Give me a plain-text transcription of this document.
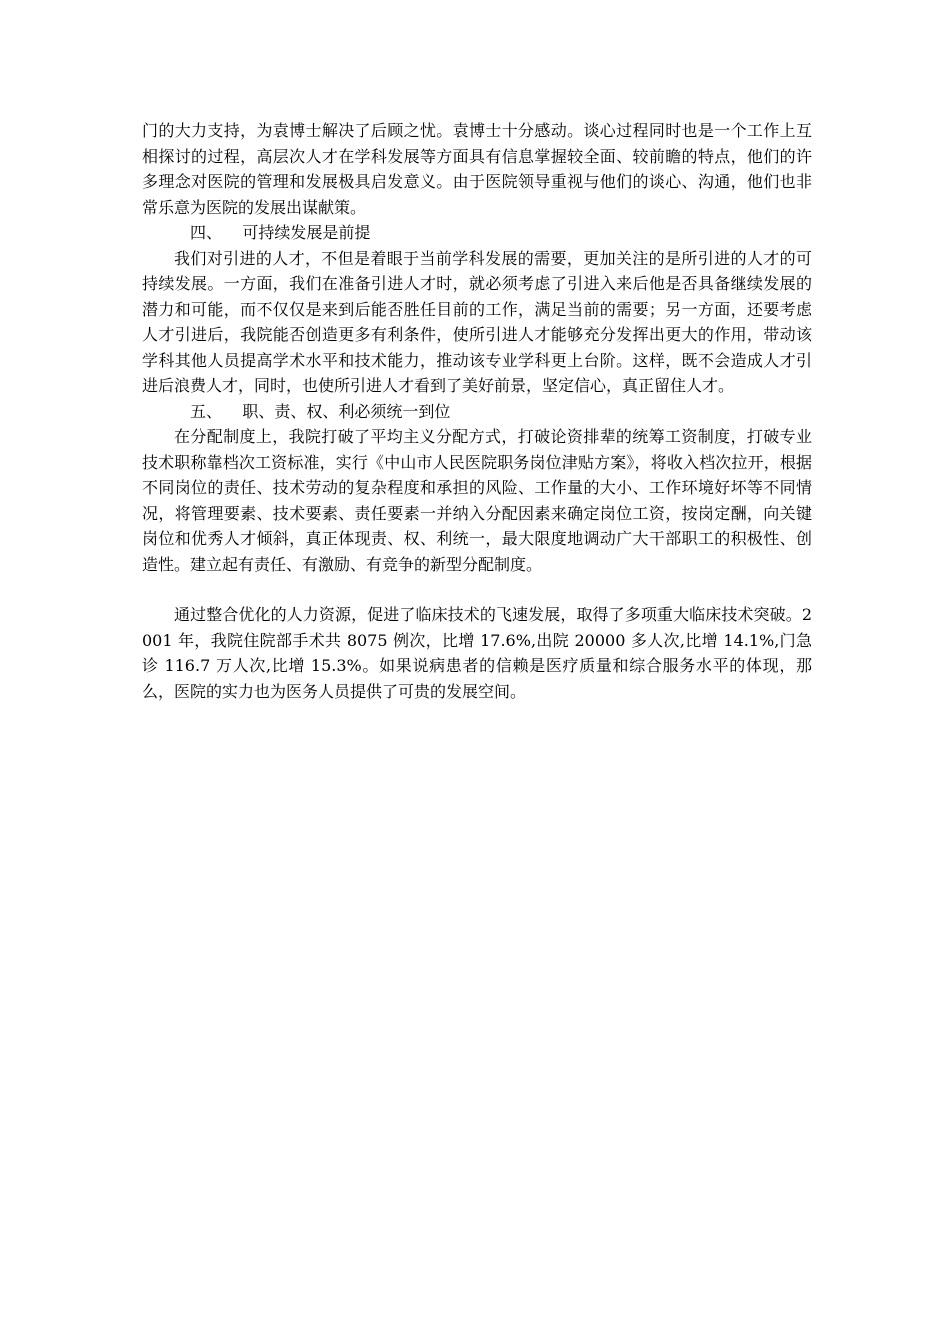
门的大力支持，为袁博士解决了后顾之忧。袁博士十分感动。谈心过程同时也是一个工作上互相探讨的过程，高层次人才在学科发展等方面具有信息掌握较全面、较前瞻的特点，他们的许多理念对医院的管理和发展极具启发意义。由于医院领导重视与他们的谈心、沟通，他们也非常乐意为医院的发展出谋献策。

四、    可持续发展是前提

我们对引进的人才，不但是着眼于当前学科发展的需要，更加关注的是所引进的人才的可持续发展。一方面，我们在准备引进人才时，就必须考虑了引进入来后他是否具备继续发展的潜力和可能，而不仅仅是来到后能否胜任目前的工作，满足当前的需要；另一方面，还要考虑人才引进后，我院能否创造更多有利条件，使所引进人才能够充分发挥出更大的作用，带动该学科其他人员提高学术水平和技术能力，推动该专业学科更上台阶。这样，既不会造成人才引进后浪费人才，同时，也使所引进人才看到了美好前景，坚定信心，真正留住人才。

五、    职、责、权、利必须统一到位

在分配制度上，我院打破了平均主义分配方式，打破论资排辈的统筹工资制度，打破专业技术职称靠档次工资标准，实行《中山市人民医院职务岗位津贴方案》，将收入档次拉开，根据不同岗位的责任、技术劳动的复杂程度和承担的风险、工作量的大小、工作环境好坏等不同情况，将管理要素、技术要素、责任要素一并纳入分配因素来确定岗位工资，按岗定酬，向关键岗位和优秀人才倾斜，真正体现责、权、利统一，最大限度地调动广大干部职工的积极性、创造性。建立起有责任、有激励、有竞争的新型分配制度。

通过整合优化的人力资源，促进了临床技术的飞速发展，取得了多项重大临床技术突破。2001 年，我院住院部手术共 8075 例次，比增 17.6%,出院 20000 多人次,比增 14.1%,门急诊 116.7 万人次,比增 15.3%。如果说病患者的信赖是医疗质量和综合服务水平的体现，那么，医院的实力也为医务人员提供了可贵的发展空间。
